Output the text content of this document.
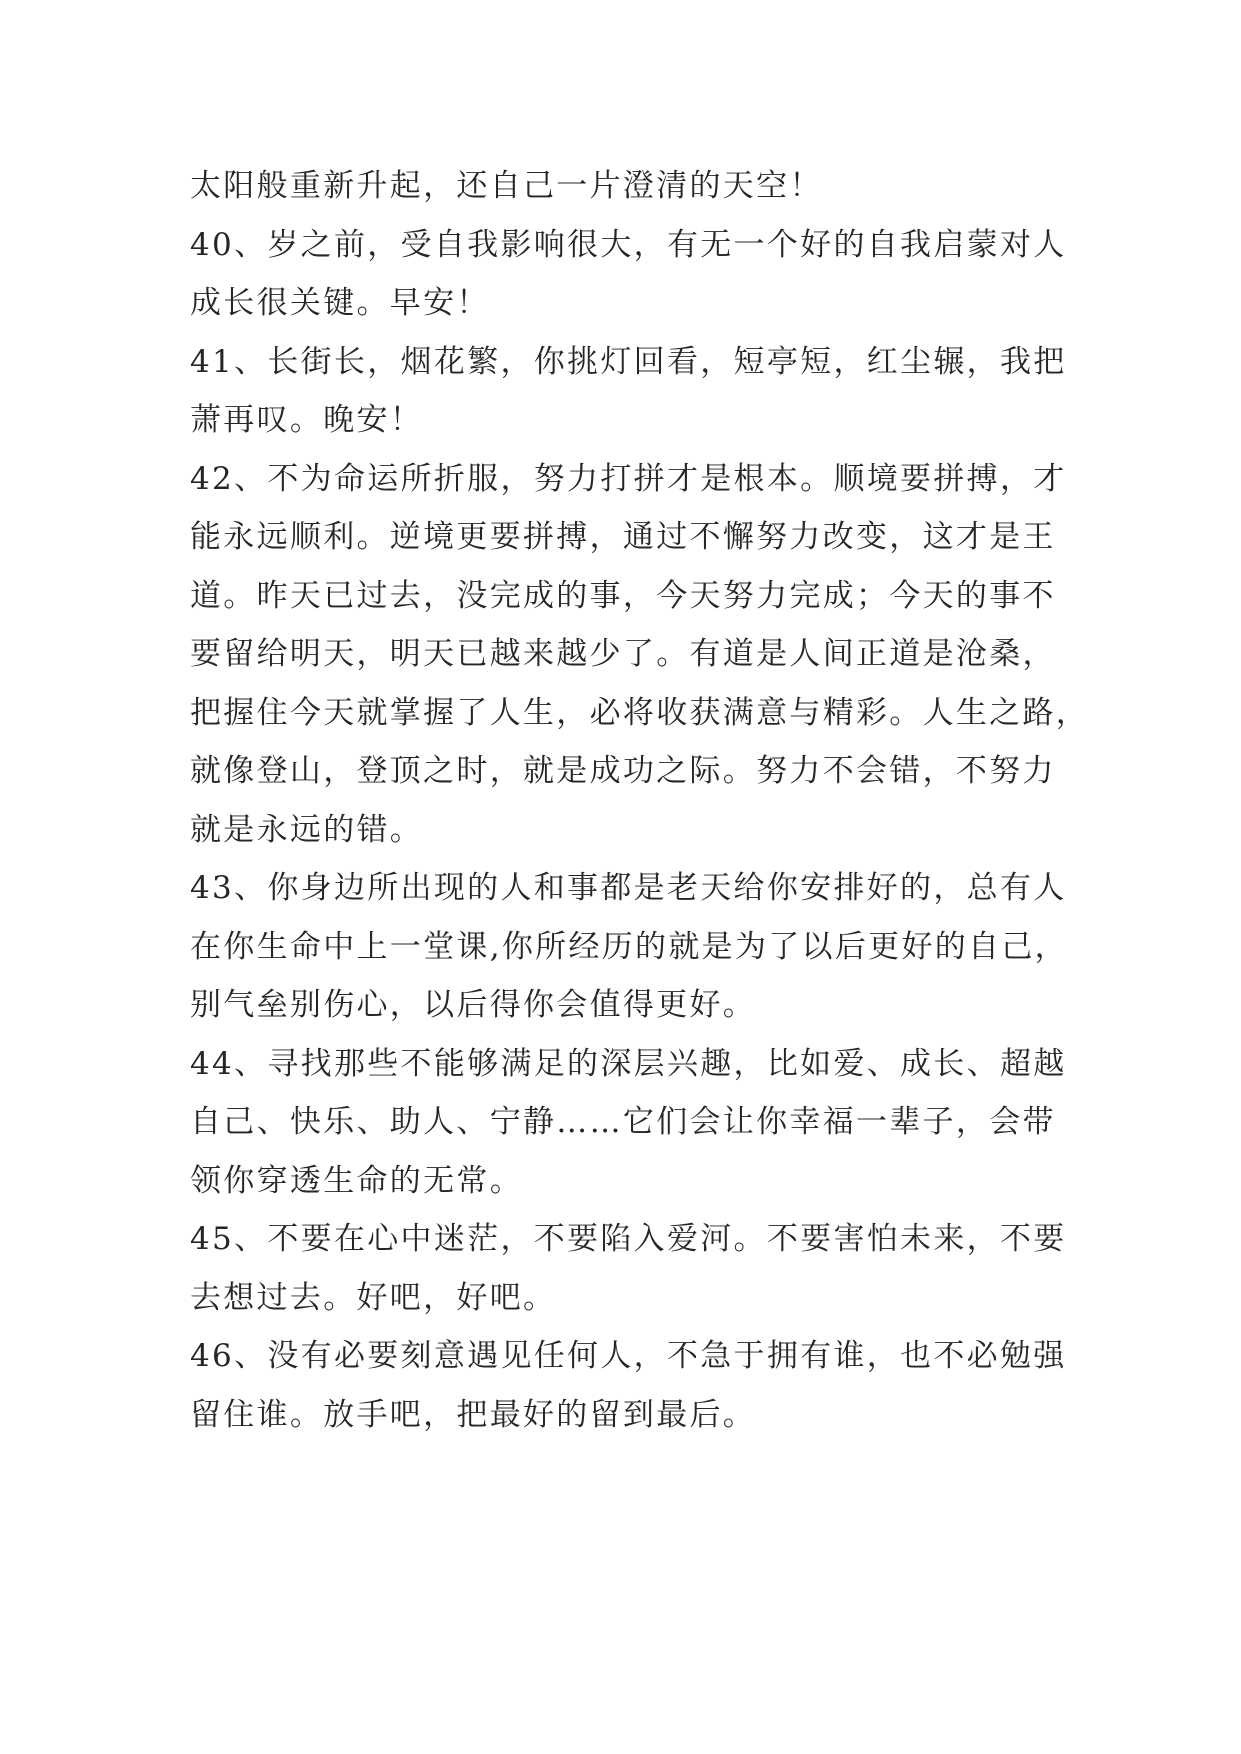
太阳般重新升起，还自己一片澄清的天空！
40、岁之前，受自我影响很大，有无一个好的自我启蒙对人
成长很关键。早安！
41、长街长，烟花繁，你挑灯回看，短亭短，红尘辗，我把
萧再叹。晚安！
42、不为命运所折服，努力打拼才是根本。顺境要拼搏，才
能永远顺利。逆境更要拼搏，通过不懈努力改变，这才是王
道。昨天已过去，没完成的事，今天努力完成；今天的事不
要留给明天，明天已越来越少了。有道是人间正道是沧桑，
把握住今天就掌握了人生，必将收获满意与精彩。人生之路，
就像登山，登顶之时，就是成功之际。努力不会错，不努力
就是永远的错。
43、你身边所出现的人和事都是老天给你安排好的，总有人
在你生命中上一堂课,你所经历的就是为了以后更好的自己，
别气垒别伤心，以后得你会值得更好。
44、寻找那些不能够满足的深层兴趣，比如爱、成长、超越
自己、快乐、助人、宁静……它们会让你幸福一辈子，会带
领你穿透生命的无常。
45、不要在心中迷茫，不要陷入爱河。不要害怕未来，不要
去想过去。好吧，好吧。
46、没有必要刻意遇见任何人，不急于拥有谁，也不必勉强
留住谁。放手吧，把最好的留到最后。
